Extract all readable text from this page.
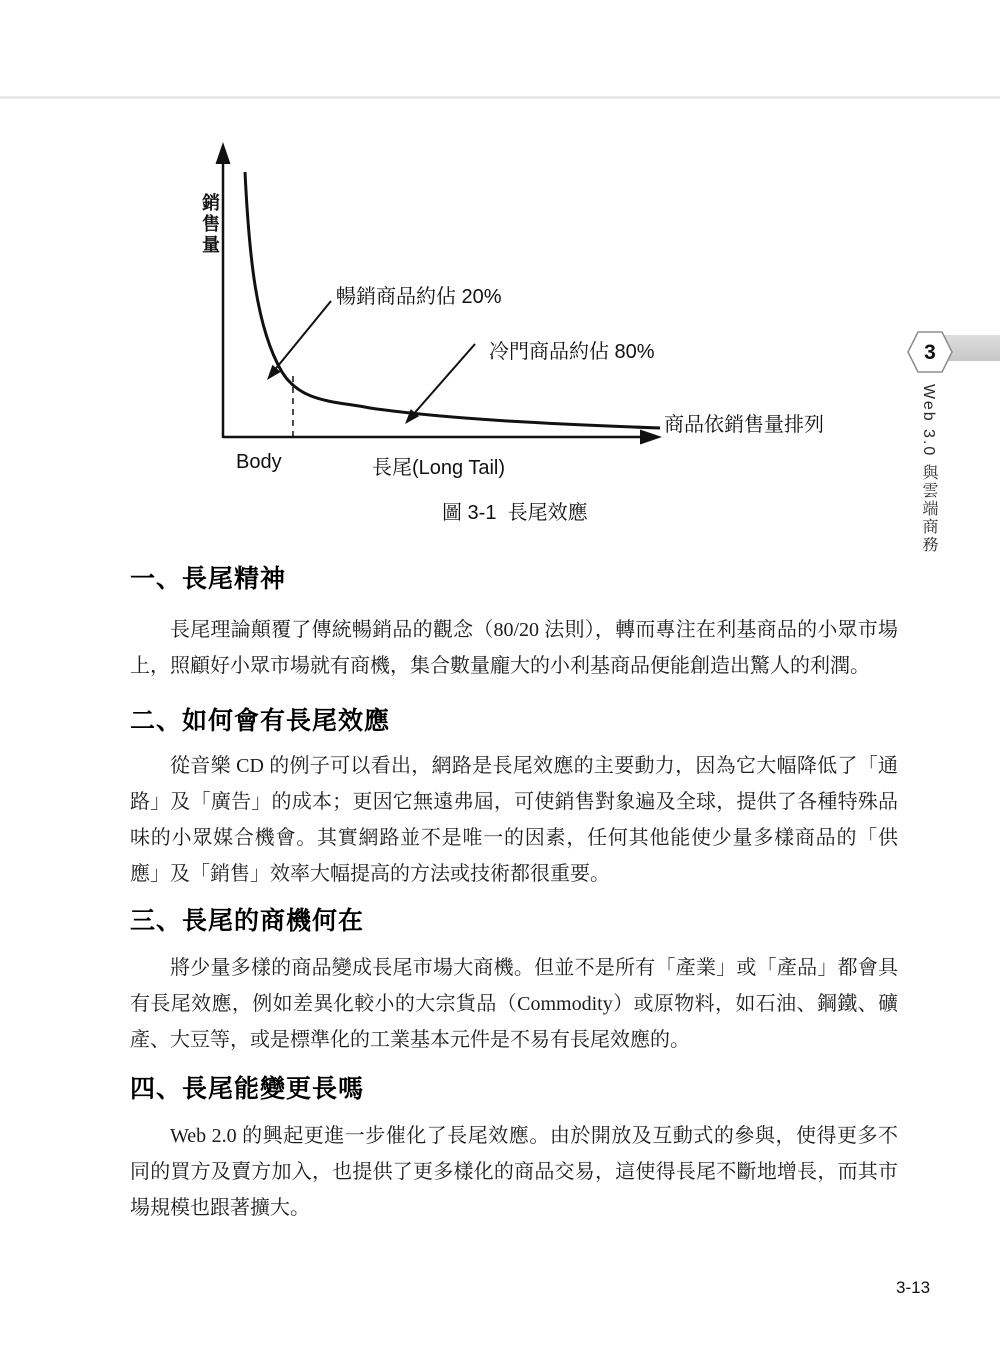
銷售量
暢銷商品約佔 20%
冷門商品約佔 80%
商品依銷售量排列
Body	長尾(Long Tail)
圖 3-1  長尾效應
3
Web 3.0 與雲端商務
一、長尾精神

長尾理論顛覆了傳統暢銷品的觀念（80/20 法則），轉而專注在利基商品的小眾市場上，照顧好小眾市場就有商機，集合數量龐大的小利基商品便能創造出驚人的利潤。

二、如何會有長尾效應

從音樂 CD 的例子可以看出，網路是長尾效應的主要動力，因為它大幅降低了「通路」及「廣告」的成本；更因它無遠弗屆，可使銷售對象遍及全球，提供了各種特殊品味的小眾媒合機會。其實網路並不是唯一的因素，任何其他能使少量多樣商品的「供應」及「銷售」效率大幅提高的方法或技術都很重要。

三、長尾的商機何在

將少量多樣的商品變成長尾市場大商機。但並不是所有「產業」或「產品」都會具有長尾效應，例如差異化較小的大宗貨品（Commodity）或原物料，如石油、鋼鐵、礦產、大豆等，或是標準化的工業基本元件是不易有長尾效應的。

四、長尾能變更長嗎

Web 2.0 的興起更進一步催化了長尾效應。由於開放及互動式的參與，使得更多不同的買方及賣方加入，也提供了更多樣化的商品交易，這使得長尾不斷地增長，而其市場規模也跟著擴大。

3-13
